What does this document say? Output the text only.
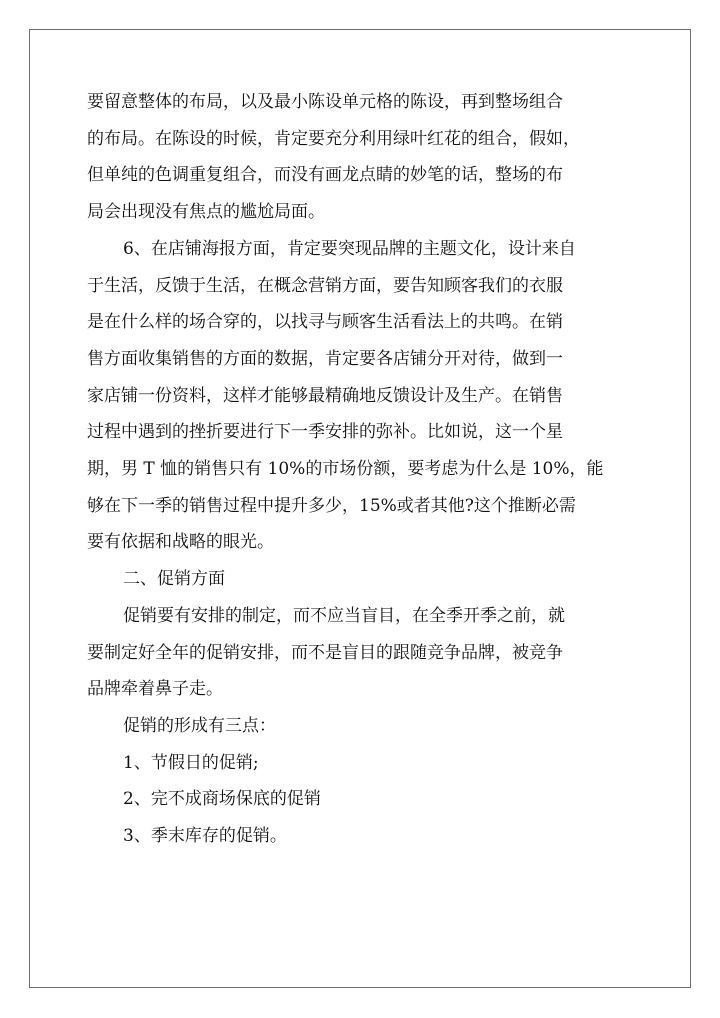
要留意整体的布局，以及最小陈设单元格的陈设，再到整场组合
的布局。在陈设的时候，肯定要充分利用绿叶红花的组合，假如，
但单纯的色调重复组合，而没有画龙点睛的妙笔的话，整场的布
局会出现没有焦点的尴尬局面。

6、在店铺海报方面，肯定要突现品牌的主题文化，设计来自
于生活，反馈于生活，在概念营销方面，要告知顾客我们的衣服
是在什么样的场合穿的，以找寻与顾客生活看法上的共鸣。在销
售方面收集销售的方面的数据，肯定要各店铺分开对待，做到一
家店铺一份资料，这样才能够最精确地反馈设计及生产。在销售
过程中遇到的挫折要进行下一季安排的弥补。比如说，这一个星
期，男 T 恤的销售只有 10%的市场份额，要考虑为什么是 10%，能
够在下一季的销售过程中提升多少，15%或者其他?这个推断必需
要有依据和战略的眼光。

二、促销方面

促销要有安排的制定，而不应当盲目，在全季开季之前，就
要制定好全年的促销安排，而不是盲目的跟随竞争品牌，被竞争
品牌牵着鼻子走。

促销的形成有三点：

1、节假日的促销;

2、完不成商场保底的促销

3、季末库存的促销。
